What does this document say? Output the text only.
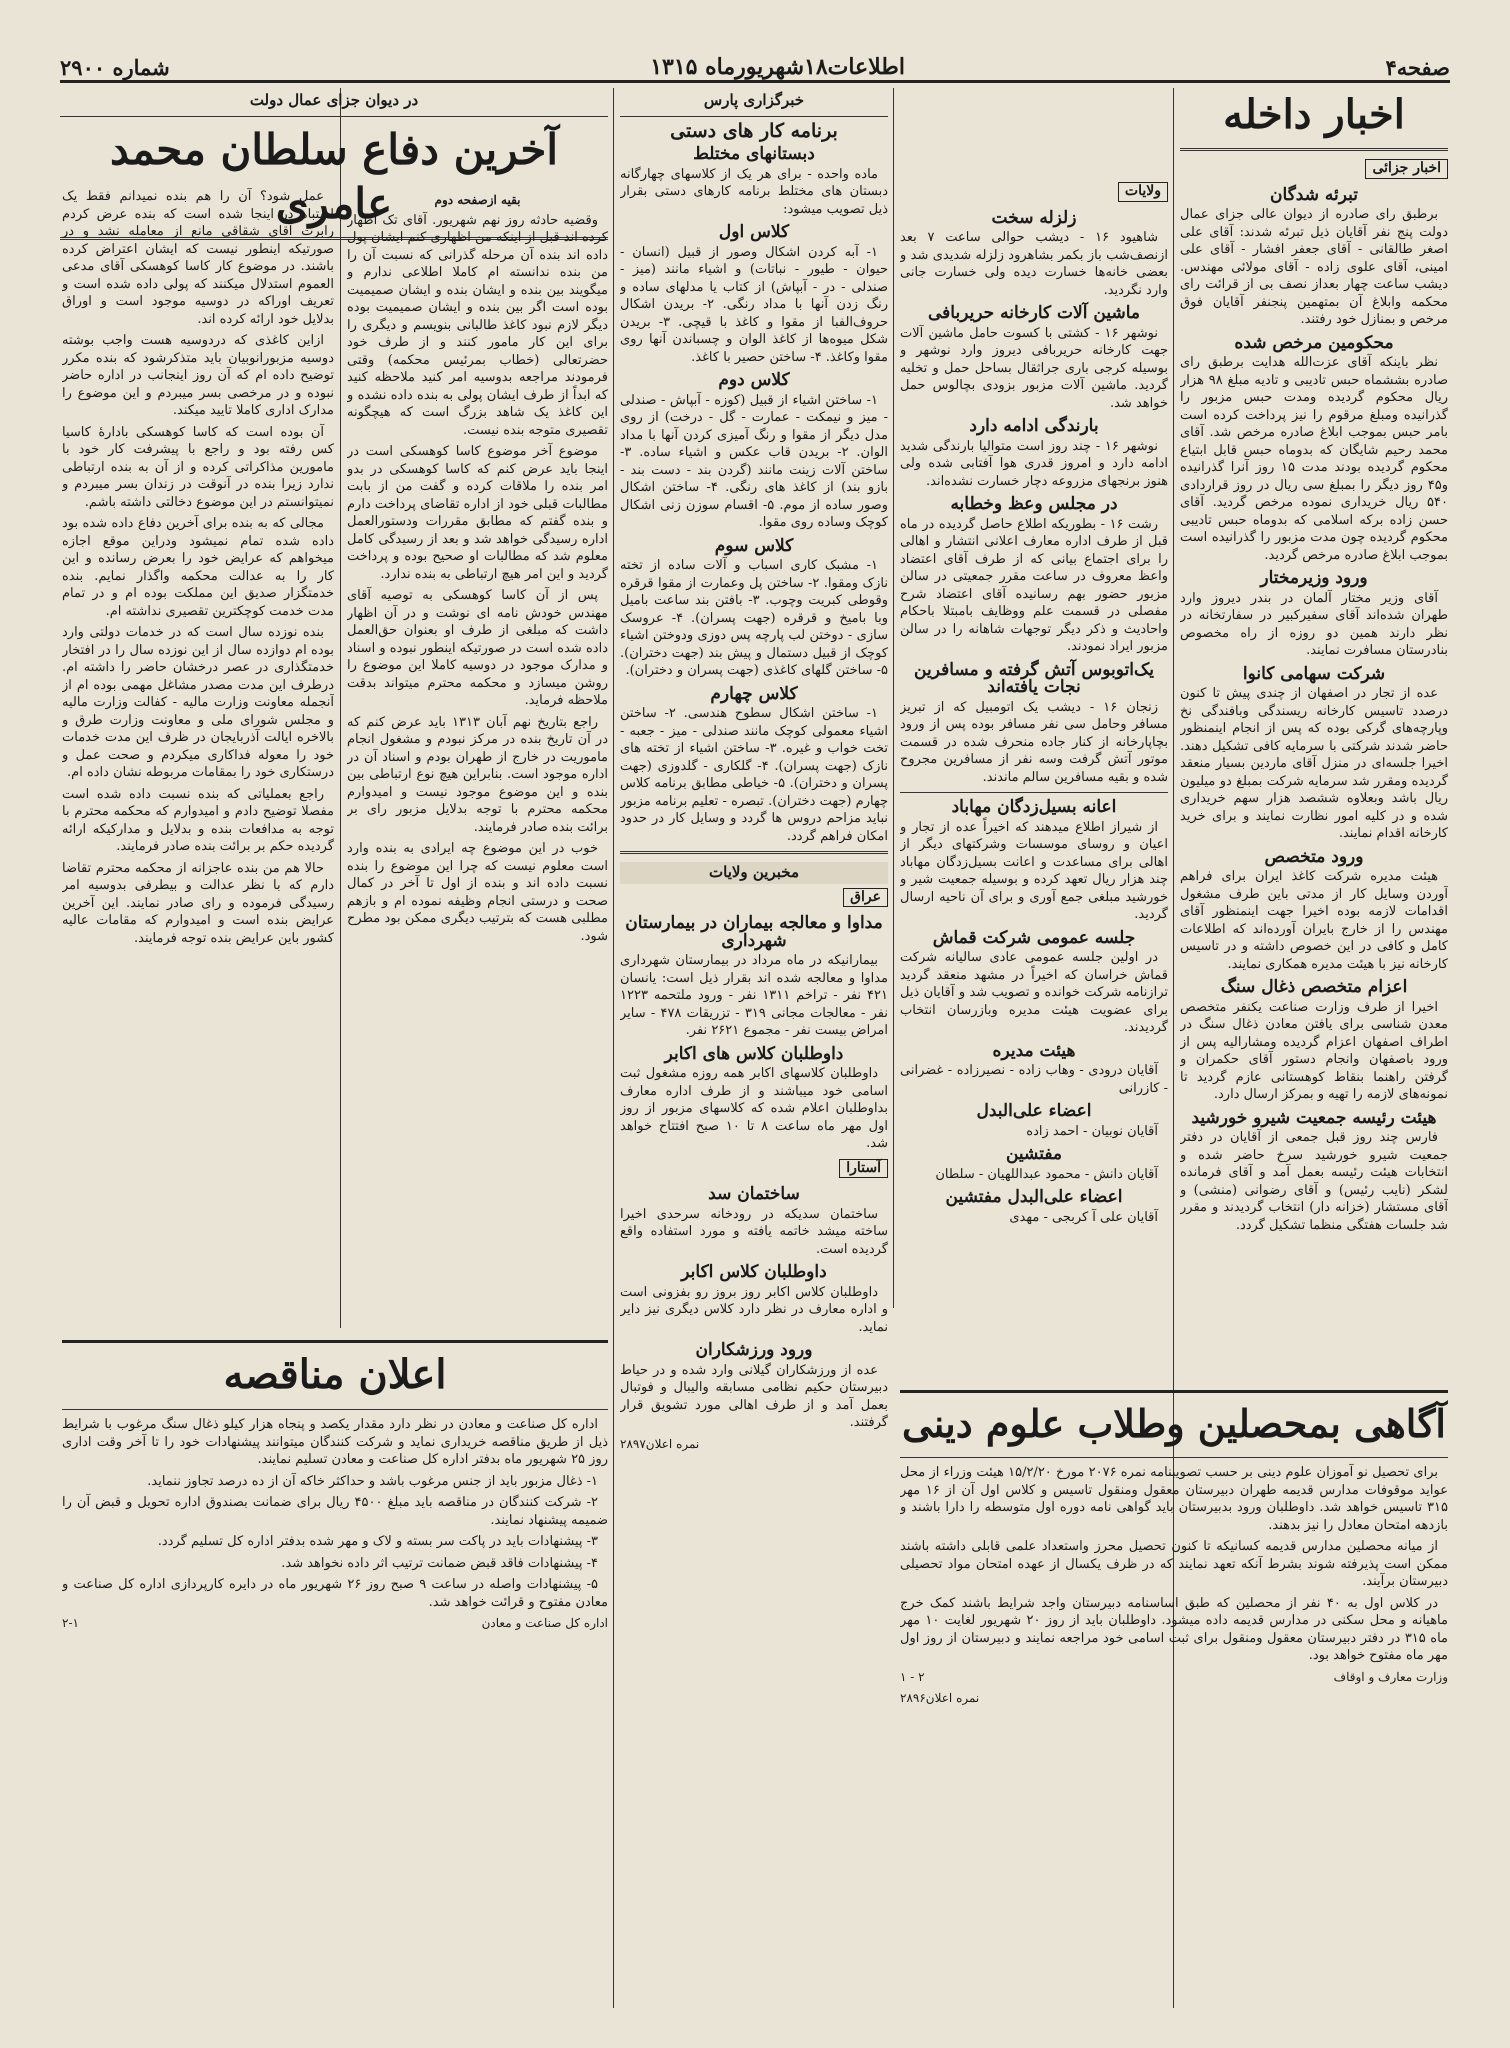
صفحه۴
اطلاعات۱۸شهریورماه ۱۳۱۵
شماره ۲۹۰۰
اخبار داخله
اخبار جزائی
تبرئه شدگان

برطبق رای صادره از دیوان عالی جزای عمال دولت پنج نفر آقایان ذیل تبرئه شدند: آقای علی اصغر طالقانی - آقای جعفر افشار - آقای علی امینی، آقای علوی زاده - آقای مولائی مهندس. دیشب ساعت چهار بعداز نصف بی از قرائت رای محکمه وابلاغ آن بمتهمین پنجنفر آقایان فوق مرخص و بمنازل خود رفتند.

محکومین مرخص شده

نظر باینکه آقای عزت‌الله هدایت برطبق رای صادره بششماه حبس تادیبی و تادیه مبلغ ۹۸ هزار ریال محکوم گردیده ومدت حبس مزبور را گذرانیده ومبلغ مرقوم را نیز پرداخت کرده است بامر حبس بموجب ابلاغ صادره مرخص شد. آقای محمد رحیم شایگان که بدوماه حبس قابل ابتیاع محکوم گردیده بودند مدت ۱۵ روز آنرا گذرانیده و۴۵ روز دیگر را بمبلغ سی ریال در روز قراردادی ۵۴۰ ریال خریداری نموده مرخص گردید. آقای حسن زاده برکه اسلامی که بدوماه حبس تادیبی محکوم گردیده چون مدت مزبور را گذرانیده است بموجب ابلاغ صادره مرخص گردید.

ورود وزیرمختار

آقای وزیر مختار آلمان در بندر دیروز وارد طهران شده‌اند آقای سفیرکبیر در سفارتخانه در نظر دارند همین دو روزه از راه مخصوص بنادرستان مسافرت نمایند.

شرکت سهامی کانوا

عده از تجار در اصفهان از چندی پیش تا کنون درصدد تاسیس کارخانه ریسندگی وبافندگی نخ وپارچه‌های گرکی بوده که پس از انجام اینمنظور حاضر شدند شرکتی با سرمایه کافی تشکیل دهند. اخیرا جلسه‌ای در منزل آقای ماردین بسیار منعقد گردیده ومقرر شد سرمایه شرکت بمبلغ دو میلیون ریال باشد وبعلاوه ششصد هزار سهم خریداری شده و در کلیه امور نظارت نمایند و برای خرید کارخانه اقدام نمایند.

ورود متخصص

هیئت مدیره شرکت کاغذ ایران برای فراهم آوردن وسایل کار از مدتی باین طرف مشغول اقدامات لازمه بوده اخیرا جهت اینمنظور آقای مهندس را از خارج بایران آورده‌اند که اطلاعات کامل و کافی در این خصوص داشته و در تاسیس کارخانه نیز با هیئت مدیره همکاری نمایند.

اعزام متخصص ذغال سنگ

اخیرا از طرف وزارت صناعت یکنفر متخصص معدن شناسی برای یافتن معادن ذغال سنگ در اطراف اصفهان اعزام گردیده ومشارالیه پس از ورود باصفهان وانجام دستور آقای حکمران و گرفتن راهنما بنقاط کوهستانی عازم گردید تا نمونه‌های لازمه را تهیه و بمرکز ارسال دارد.

هیئت رئیسه جمعیت شیرو خورشید

فارس چند روز قبل جمعی از آقایان در دفتر جمعیت شیرو خورشید سرخ حاضر شده و انتخابات هیئت رئیسه بعمل آمد و آقای فرمانده لشکر (نایب رئیس) و آقای رضوانی (منشی) و آقای مستشار (خزانه دار) انتخاب گردیدند و مقرر شد جلسات هفتگی منظما تشکیل گردد.

ولایات
زلزله سخت

شاهیود ۱۶ - دیشب حوالی ساعت ۷ بعد ازنصف‌شب باز بکمر بشاهرود زلزله شدیدی شد و بعضی خانه‌ها خسارت دیده ولی خسارت جانی وارد نگردید.

ماشین آلات کارخانه حریربافی

نوشهر ۱۶ - کشتی با کسوت حامل ماشین آلات جهت کارخانه حریربافی دیروز وارد نوشهر و بوسیله کرجی باری جراثقال بساحل حمل و تخلیه گردید. ماشین آلات مزبور بزودی بچالوس حمل خواهد شد.

بارندگی ادامه دارد

نوشهر ۱۶ - چند روز است متوالیا بارندگی شدید ادامه دارد و امروز قدری هوا آفتابی شده ولی هنوز برنجهای مزروعه دچار خسارت نشده‌اند.

در مجلس وعظ وخطابه

رشت ۱۶ - بطوریکه اطلاع حاصل گردیده در ماه قبل از طرف اداره معارف اعلانی انتشار و اهالی را برای اجتماع بیانی که از طرف آقای اعتضاد واعظ معروف در ساعت مقرر جمعیتی در سالن مزبور حضور بهم رسانیده آقای اعتضاد شرح مفصلی در قسمت علم ووظایف بامبتلا باحکام واحادیث و ذکر دیگر توجهات شاهانه را در سالن مزبور ایراد نمودند.

یک‌اتوبوس آتش گرفته و مسافرین نجات یافته‌اند

زنجان ۱۶ - دیشب یک اتومبیل که از تبریز مسافر وحامل سی نفر مسافر بوده پس از ورود بچاپارخانه از کنار جاده منحرف شده در قسمت موتور آتش گرفت وسه نفر از مسافرین مجروح شده و بقیه مسافرین سالم ماندند.

اعانه بسیل‌زدگان مهاباد

از شیراز اطلاع میدهند که اخیراً عده از تجار و اعیان و روسای موسسات وشرکتهای دیگر از اهالی برای مساعدت و اعانت بسیل‌زدگان مهاباد چند هزار ریال تعهد کرده و بوسیله جمعیت شیر و خورشید مبلغی جمع آوری و برای آن ناحیه ارسال گردید.

جلسه عمومی شرکت قماش

در اولین جلسه عمومی عادی سالیانه شرکت قماش خراسان که اخیراً در مشهد منعقد گردید ترازنامه شرکت خوانده و تصویب شد و آقایان ذیل برای عضویت هیئت مدیره وبازرسان انتخاب گردیدند.

هیئت مدیره

آقایان درودی - وهاب زاده - نصیرزاده - غضرانی - کازرانی

اعضاء علی‌البدل

آقایان نوبیان - احمد زاده

مفتشین

آقایان دانش - محمود عبداللهیان - سلطان

اعضاء علی‌البدل مفتشین

آقایان علی آ کربجی - مهدی

خبرگزاری پارس
برنامه کار های دستی
دبستانهای مختلط

ماده واحده - برای هر یک از کلاسهای چهارگانه دبستان های مختلط برنامه کارهای دستی بقرار ذیل تصویب میشود:

کلاس اول

۱- آبه کردن اشکال وصور از قبیل (انسان - حیوان - طیور - نباتات) و اشیاء مانند (میز - صندلی - در - آبپاش) از کتاب یا مدلهای ساده و رنگ زدن آنها با مداد رنگی. ۲- بریدن اشکال حروف‌الفبا از مقوا و کاغذ با قیچی. ۳- بریدن شکل میوه‌ها از کاغذ الوان و چسباندن آنها روی مقوا وکاغذ. ۴- ساختن حصیر با کاغذ.

کلاس دوم

۱- ساختن اشیاء از قبیل (کوزه - آبپاش - صندلی - میز و نیمکت - عمارت - گل - درخت) از روی مدل دیگر از مقوا و رنگ آمیزی کردن آنها با مداد الوان. ۲- بریدن قاب عکس و اشیاء ساده. ۳- ساختن آلات زینت مانند (گردن بند - دست بند - بازو بند) از کاغذ های رنگی. ۴- ساختن اشکال وصور ساده از موم. ۵- اقسام سوزن زنی اشکال کوچک وساده روی مقوا.

کلاس سوم

۱- مشبک کاری اسباب و آلات ساده از تخته نازک ومقوا. ۲- ساختن پل وعمارت از مقوا قرقره وقوطی کبریت وچوب. ۳- بافتن بند ساعت بامیل وبا بامیخ و قرقره (جهت پسران). ۴- عروسک سازی - دوختن لب پارچه پس دوزی ودوختن اشیاء کوچک از قبیل دستمال و پیش بند (جهت دختران). ۵- ساختن گلهای کاغذی (جهت پسران و دختران).

کلاس چهارم

۱- ساختن اشکال سطوح هندسی. ۲- ساختن اشیاء معمولی کوچک مانند صندلی - میز - جعبه - تخت خواب و غیره. ۳- ساختن اشیاء از تخته های نازک (جهت پسران). ۴- گلکاری - گلدوزی (جهت پسران و دختران). ۵- خیاطی مطابق برنامه کلاس چهارم (جهت دختران). تبصره - تعلیم برنامه مزبور نباید مزاحم دروس ها گردد و وسایل کار در حدود امکان فراهم گردد.

مخبرین ولایات
عراق
مداوا و معالجه بیماران در بیمارستان شهرداری

بیمارانیکه در ماه مرداد در بیمارستان شهرداری مداوا و معالجه شده اند بقرار ذیل است: یانسان ۴۲۱ نفر - تراخم ۱۳۱۱ نفر - ورود ملتحمه ۱۲۲۳ نفر - معالجات مجانی ۳۱۹ - تزریقات ۴۷۸ - سایر امراض بیست نفر - مجموع ۲۶۲۱ نفر.

داوطلبان کلاس های اکابر

داوطلبان کلاسهای اکابر همه روزه مشغول ثبت اسامی خود میباشند و از طرف اداره معارف بداوطلبان اعلام شده که کلاسهای مزبور از روز اول مهر ماه ساعت ۸ تا ۱۰ صبح افتتاح خواهد شد.

آستارا
ساختمان سد

ساختمان سدیکه در رودخانه سرحدی اخیرا ساخته میشد خاتمه یافته و مورد استفاده واقع گردیده است.

داوطلبان کلاس اکابر

داوطلبان کلاس اکابر روز بروز رو بفزونی است و اداره معارف در نظر دارد کلاس دیگری نیز دایر نماید.

ورود ورزشکاران

عده از ورزشکاران گیلانی وارد شده و در حیاط دبیرستان حکیم نظامی مسابقه والیبال و فوتبال بعمل آمد و از طرف اهالی مورد تشویق قرار گرفتند.

نمره اعلان۲۸۹۷
در دیوان جزای عمال دولت
آخرین دفاع سلطان محمد عامری	بقیه ازصفحه دوم

وقضیه حادثه روز نهم شهریور. آقای تک اظهار کرده اند قبل از اینکه من اظهاری کنم ایشان پول داده اند بنده آن مرحله گذرانی که نسبت آن را من بنده ندانسته ام کاملا اطلاعی ندارم و میگویند بین بنده و ایشان بنده و ایشان صمیمیت بوده است اگر بین بنده و ایشان صمیمیت بوده دیگر لازم نبود کاغذ طالبانی بنویسم و دیگری را برای این کار مامور کنند و از طرف خود حضرتعالی (خطاب بمرئیس محکمه) وقتی فرمودند مراجعه بدوسیه امر کنید ملاحظه کنید که ابداً از طرف ایشان پولی به بنده داده نشده و این کاغذ یک شاهد بزرگ است که هیچگونه تقصیری متوجه بنده نیست.

موضوع آخر موضوع کاسا کوهسکی است در اینجا باید عرض کنم که کاسا کوهسکی در بدو امر بنده را ملاقات کرده و گفت من از بابت مطالبات قبلی خود از اداره تقاضای پرداخت دارم و بنده گفتم که مطابق مقررات ودستورالعمل اداره رسیدگی خواهد شد و بعد از رسیدگی کامل معلوم شد که مطالبات او صحیح بوده و پرداخت گردید و این امر هیچ ارتباطی به بنده ندارد.

پس از آن کاسا کوهسکی به توصیه آقای مهندس خودش نامه ای نوشت و در آن اظهار داشت که مبلغی از طرف او بعنوان حق‌العمل داده شده است در صورتیکه اینطور نبوده و اسناد و مدارک موجود در دوسیه کاملا این موضوع را روشن میسازد و محکمه محترم میتواند بدقت ملاحظه فرماید.

راجع بتاریخ نهم آبان ۱۳۱۳ باید عرض کنم که در آن تاریخ بنده در مرکز نبودم و مشغول انجام ماموریت در خارج از طهران بودم و اسناد آن در اداره موجود است. بنابراین هیچ نوع ارتباطی بین بنده و این موضوع موجود نیست و امیدوارم محکمه محترم با توجه بدلایل مزبور رای بر برائت بنده صادر فرمایند.

خوب در این موضوع چه ایرادی به بنده وارد است معلوم نیست که چرا این موضوع را بنده نسبت داده اند و بنده از اول تا آخر در کمال صحت و درستی انجام وظیفه نموده ام و بازهم مطلبی هست که بترتیب دیگری ممکن بود مطرح شود.

عمل شود؟ آن را هم بنده نمیدانم فقط یک اشتباه در اینجا شده است که بنده عرض کردم رابرت آقای شقاقی مانع از معامله نشد و در صورتیکه اینطور نیست که ایشان اعتراض کرده باشند. در موضوع کار کاسا کوهسکی آقای مدعی العموم استدلال میکنند که پولی داده شده است و تعریف اوراکه در دوسیه موجود است و اوراق بدلایل خود ارائه کرده اند.

ازاین کاغذی که دردوسیه هست واجب بوشته دوسیه مزبورانوبیان باید متذکرشود که بنده مکرر توضیح داده ام که آن روز اینجانب در اداره حاضر نبوده و در مرخصی بسر میبردم و این موضوع را مدارک اداری کاملا تایید میکند.

آن بوده است که کاسا کوهسکی بادارهٔ کاسیا کس رفته بود و راجع با پیشرفت کار خود با مامورین مذاکراتی کرده و از آن به بنده ارتباطی ندارد زیرا بنده در آنوقت در زندان بسر میبردم و نمیتوانستم در این موضوع دخالتی داشته باشم.

مجالی که به بنده برای آخرین دفاع داده شده بود داده شده تمام نمیشود ودراین موقع اجازه میخواهم که عرایض خود را بعرض رسانده و این کار را به عدالت محکمه واگذار نمایم. بنده خدمتگزار صدیق این مملکت بوده ام و در تمام مدت خدمت کوچکترین تقصیری نداشته ام.

بنده نوزده سال است که در خدمات دولتی وارد بوده ام دوازده سال از این نوزده سال را در افتخار خدمتگذاری در عصر درخشان حاضر را داشته ام. درطرف این مدت مصدر مشاغل مهمی بوده ام از آنجمله معاونت وزارت مالیه - کفالت وزارت مالیه و مجلس شورای ملی و معاونت وزارت طرق و بالاخره ایالت آذربایجان در ظرف این مدت خدمات خود را معوله فداکاری میکردم و صحت عمل و درستکاری خود را بمقامات مربوطه نشان داده ام.

راجع بعملیاتی که بنده نسبت داده شده است مفصلا توضیح دادم و امیدوارم که محکمه محترم با توجه به مدافعات بنده و بدلایل و مدارکیکه ارائه گردیده حکم بر برائت بنده صادر فرمایند.

حالا هم من بنده عاجزانه از محکمه محترم تقاضا دارم که با نظر عدالت و بیطرفی بدوسیه امر رسیدگی فرموده و رای صادر نمایند. این آخرین عرایض بنده است و امیدوارم که مقامات عالیه کشور باین عرایض بنده توجه فرمایند.

اعلان مناقصه

اداره کل صناعت و معادن در نظر دارد مقدار یکصد و پنجاه هزار کیلو ذغال سنگ مرغوب با شرایط ذیل از طریق مناقصه خریداری نماید و شرکت کنندگان میتوانند پیشنهادات خود را تا آخر وقت اداری روز ۲۵ شهریور ماه بدفتر اداره کل صناعت و معادن تسلیم نمایند.

۱- ذغال مزبور باید از جنس مرغوب باشد و حداکثر خاکه آن از ده درصد تجاوز ننماید.

۲- شرکت کنندگان در مناقصه باید مبلغ ۴۵۰۰ ریال برای ضمانت بصندوق اداره تحویل و قبض آن را ضمیمه پیشنهاد نمایند.

۳- پیشنهادات باید در پاکت سر بسته و لاک و مهر شده بدفتر اداره کل تسلیم گردد.

۴- پیشنهادات فاقد قبض ضمانت ترتیب اثر داده نخواهد شد.

۵- پیشنهادات واصله در ساعت ۹ صبح روز ۲۶ شهریور ماه در دایره کارپردازی اداره کل صناعت و معادن مفتوح و قرائت خواهد شد.

اداره کل صناعت و معادن
۲-۱
آگاهی بمحصلین وطلاب علوم دینی

برای تحصیل نو آموزان علوم دینی بر حسب تصویبنامه نمره ۲۰۷۶ مورخ ۱۵/۲/۲۰ هیئت وزراء از محل عواید موقوفات مدارس قدیمه طهران دبیرستان معقول ومنقول تاسیس و کلاس اول آن از ۱۶ مهر ۳۱۵ تاسیس خواهد شد. داوطلبان ورود بدبیرستان باید گواهی نامه دوره اول متوسطه را دارا باشند و بازدهه امتحان معادل را نیز بدهند.

از میانه محصلین مدارس قدیمه کسانیکه تا کنون تحصیل محرز واستعداد علمی قابلی داشته باشند ممکن است پذیرفته شوند بشرط آنکه تعهد نمایند که در ظرف یکسال از عهده امتحان مواد تحصیلی دبیرستان برآیند.

در کلاس اول به ۴۰ نفر از محصلین که طبق اساسنامه دبیرستان واجد شرایط باشند کمک خرج ماهیانه و محل سکنی در مدارس قدیمه داده میشود. داوطلبان باید از روز ۲۰ شهریور لغایت ۱۰ مهر ماه ۳۱۵ در دفتر دبیرستان معقول ومنقول برای ثبت اسامی خود مراجعه نمایند و دبیرستان از روز اول مهر ماه مفتوح خواهد بود.

وزارت معارف و اوقاف
۲ - ۱
نمره اعلان۲۸۹۶
